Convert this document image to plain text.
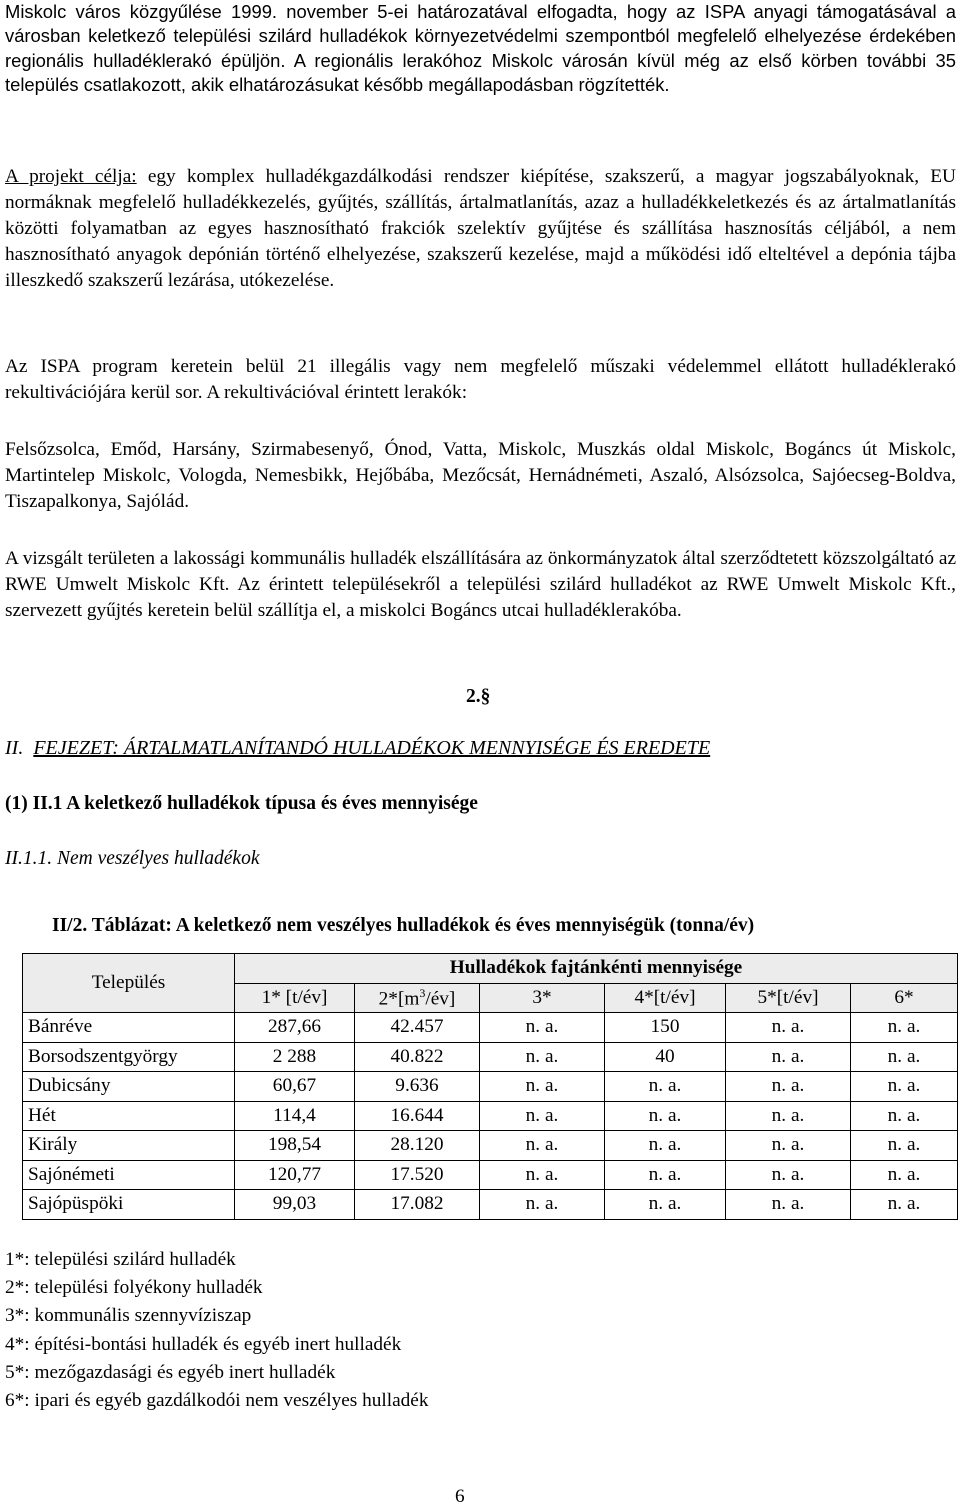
Miskolc város közgyűlése 1999. november 5-ei határozatával elfogadta, hogy az ISPA anyagi támogatásával a városban keletkező települési szilárd hulladékok környezetvédelmi szempontból megfelelő elhelyezése érdekében regionális hulladéklerakó épüljön. A regionális lerakóhoz Miskolc városán kívül még az első körben további 35 település csatlakozott, akik elhatározásukat később megállapodásban rögzítették.

A projekt célja: egy komplex hulladékgazdálkodási rendszer kiépítése, szakszerű, a magyar jogszabályoknak, EU normáknak megfelelő hulladékkezelés, gyűjtés, szállítás, ártalmatlanítás, azaz a hulladékkeletkezés és az ártalmatlanítás közötti folyamatban az egyes hasznosítható frakciók szelektív gyűjtése és szállítása hasznosítás céljából, a nem hasznosítható anyagok depónián történő elhelyezése, szakszerű kezelése, majd a működési idő elteltével a depónia tájba illeszkedő szakszerű lezárása, utókezelése.

Az ISPA program keretein belül 21 illegális vagy nem megfelelő műszaki védelemmel ellátott hulladéklerakó rekultivációjára kerül sor. A rekultivációval érintett lerakók:

Felsőzsolca, Emőd, Harsány, Szirmabesenyő, Ónod, Vatta, Miskolc, Muszkás oldal Miskolc, Bogáncs út Miskolc, Martintelep Miskolc, Vologda, Nemesbikk, Hejőbába, Mezőcsát, Hernádnémeti, Aszaló, Alsózsolca, Sajóecseg-Boldva, Tiszapalkonya, Sajólád.

A vizsgált területen a lakossági kommunális hulladék elszállítására az önkormányzatok által szerződtetett közszolgáltató az RWE Umwelt Miskolc Kft. Az érintett településekről a települési szilárd hulladékot az RWE Umwelt Miskolc Kft., szervezett gyűjtés keretein belül szállítja el, a miskolci Bogáncs utcai hulladéklerakóba.

2.§
II. FEJEZET: ÁRTALMATLANÍTANDÓ HULLADÉKOK MENNYISÉGE ÉS EREDETE
(1) II.1 A keletkező hulladékok típusa és éves mennyisége
II.1.1. Nem veszélyes hulladékok
II/2. Táblázat: A keletkező nem veszélyes hulladékok és éves mennyiségük (tonna/év)
Település	Hulladékok fajtánkénti mennyisége					
	1* [t/év]	$2*[m^3/év]$	3*	4*[t/év]	5*[t/év]	6*
Bánréve	287,66	42.457	n. a.	150	n. a.	n. a.
Borsodszentgyörgy	2 288	40.822	n. a.	40	n. a.	n. a.
Dubicsány	60,67	9.636	n. a.	n. a.	n. a.	n. a.
Hét	114,4	16.644	n. a.	n. a.	n. a.	n. a.
Király	198,54	28.120	n. a.	n. a.	n. a.	n. a.
Sajónémeti	120,77	17.520	n. a.	n. a.	n. a.	n. a.
Sajópüspöki	99,03	17.082	n. a.	n. a.	n. a.	n. a.
1*: települési szilárd hulladék
2*: települési folyékony hulladék
3*: kommunális szennyvíziszap
4*: építési-bontási hulladék és egyéb inert hulladék
5*: mezőgazdasági és egyéb inert hulladék
6*: ipari és egyéb gazdálkodói nem veszélyes hulladék
6
